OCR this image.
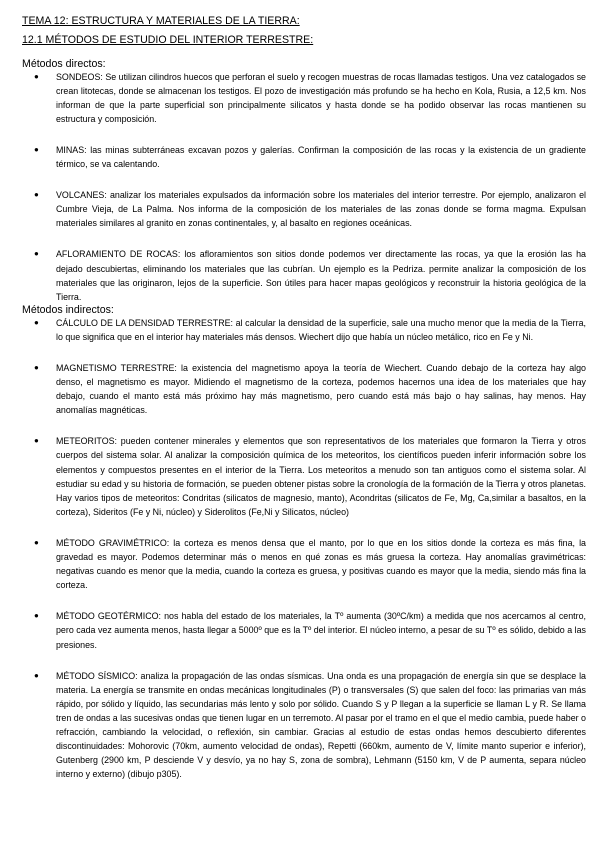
TEMA 12: ESTRUCTURA Y MATERIALES DE LA TIERRA:

12.1 MÉTODOS DE ESTUDIO DEL INTERIOR TERRESTRE:

Métodos directos:

● SONDEOS: Se utilizan cilindros huecos que perforan el suelo y recogen muestras de rocas llamadas testigos. Una vez catalogados se crean litotecas, donde se almacenan los testigos. El pozo de investigación más profundo se ha hecho en Kola, Rusia, a 12,5 km. Nos informan de que la parte superficial son principalmente silicatos y hasta donde se ha podido observar las rocas mantienen su estructura y composición.
● MINAS: las minas subterráneas excavan pozos y galerías. Confirman la composición de las rocas y la existencia de un gradiente térmico, se va calentando.
● VOLCANES: analizar los materiales expulsados da información sobre los materiales del interior terrestre. Por ejemplo, analizaron el Cumbre Vieja, de La Palma. Nos informa de la composición de los materiales de las zonas donde se forma magma. Expulsan materiales similares al granito en zonas continentales, y, al basalto en regiones oceánicas.
● AFLORAMIENTO DE ROCAS: los afloramientos son sitios donde podemos ver directamente las rocas, ya que la erosión las ha dejado descubiertas, eliminando los materiales que las cubrían. Un ejemplo es la Pedriza. permite analizar la composición de los materiales que las originaron, lejos de la superficie. Son útiles para hacer mapas geológicos y reconstruir la historia geológica de la Tierra.

Métodos indirectos:

● CÁLCULO DE LA DENSIDAD TERRESTRE: al calcular la densidad de la superficie, sale una mucho menor que la media de la Tierra, lo que significa que en el interior hay materiales más densos. Wiechert dijo que había un núcleo metálico, rico en Fe y Ni.
● MAGNETISMO TERRESTRE: la existencia del magnetismo apoya la teoría de Wiechert. Cuando debajo de la corteza hay algo denso, el magnetismo es mayor. Midiendo el magnetismo de la corteza, podemos hacernos una idea de los materiales que hay debajo, cuando el manto está más próximo hay más magnetismo, pero cuando está más bajo o hay salinas, hay menos. Hay anomalías magnéticas.
● METEORITOS: pueden contener minerales y elementos que son representativos de los materiales que formaron la Tierra y otros cuerpos del sistema solar. Al analizar la composición química de los meteoritos, los científicos pueden inferir información sobre los elementos y compuestos presentes en el interior de la Tierra. Los meteoritos a menudo son tan antiguos como el sistema solar. Al estudiar su edad y su historia de formación, se pueden obtener pistas sobre la cronología de la formación de la Tierra y otros planetas. Hay varios tipos de meteoritos: Condritas (silicatos de magnesio, manto), Acondritas (silicatos de Fe, Mg, Ca,similar a basaltos, en la corteza), Sideritos (Fe y Ni, núcleo) y Siderolitos (Fe,Ni y Silicatos, núcleo)
● MÉTODO GRAVIMÉTRICO: la corteza es menos densa que el manto, por lo que en los sitios donde la corteza es más fina, la gravedad es mayor. Podemos determinar más o menos en qué zonas es más gruesa la corteza. Hay anomalías gravimétricas: negativas cuando es menor que la media, cuando la corteza es gruesa, y positivas cuando es mayor que la media, siendo más fina la corteza.
● MÉTODO GEOTÉRMICO: nos habla del estado de los materiales, la Tº aumenta (30ºC/km) a medida que nos acercamos al centro, pero cada vez aumenta menos, hasta llegar a 5000º que es la Tº del interior. El núcleo interno, a pesar de su Tº es sólido, debido a las presiones.
● MÉTODO SÍSMICO: analiza la propagación de las ondas sísmicas. Una onda es una propagación de energía sin que se desplace la materia. La energía se transmite en ondas mecánicas longitudinales (P) o transversales (S) que salen del foco: las primarias van más rápido, por sólido y líquido, las secundarias más lento y solo por sólido. Cuando S y P llegan a la superficie se llaman L y R. Se llama tren de ondas a las sucesivas ondas que tienen lugar en un terremoto. Al pasar por el tramo en el que el medio cambia, puede haber o refracción, cambiando la velocidad, o reflexión, sin cambiar. Gracias al estudio de estas ondas hemos descubierto diferentes discontinuidades: Mohorovic (70km, aumento velocidad de ondas), Repetti (660km, aumento de V, límite manto superior e inferior), Gutenberg (2900 km, P desciende V y desvío, ya no hay S, zona de sombra), Lehmann (5150 km, V de P aumenta, separa núcleo interno y externo) (dibujo p305).
